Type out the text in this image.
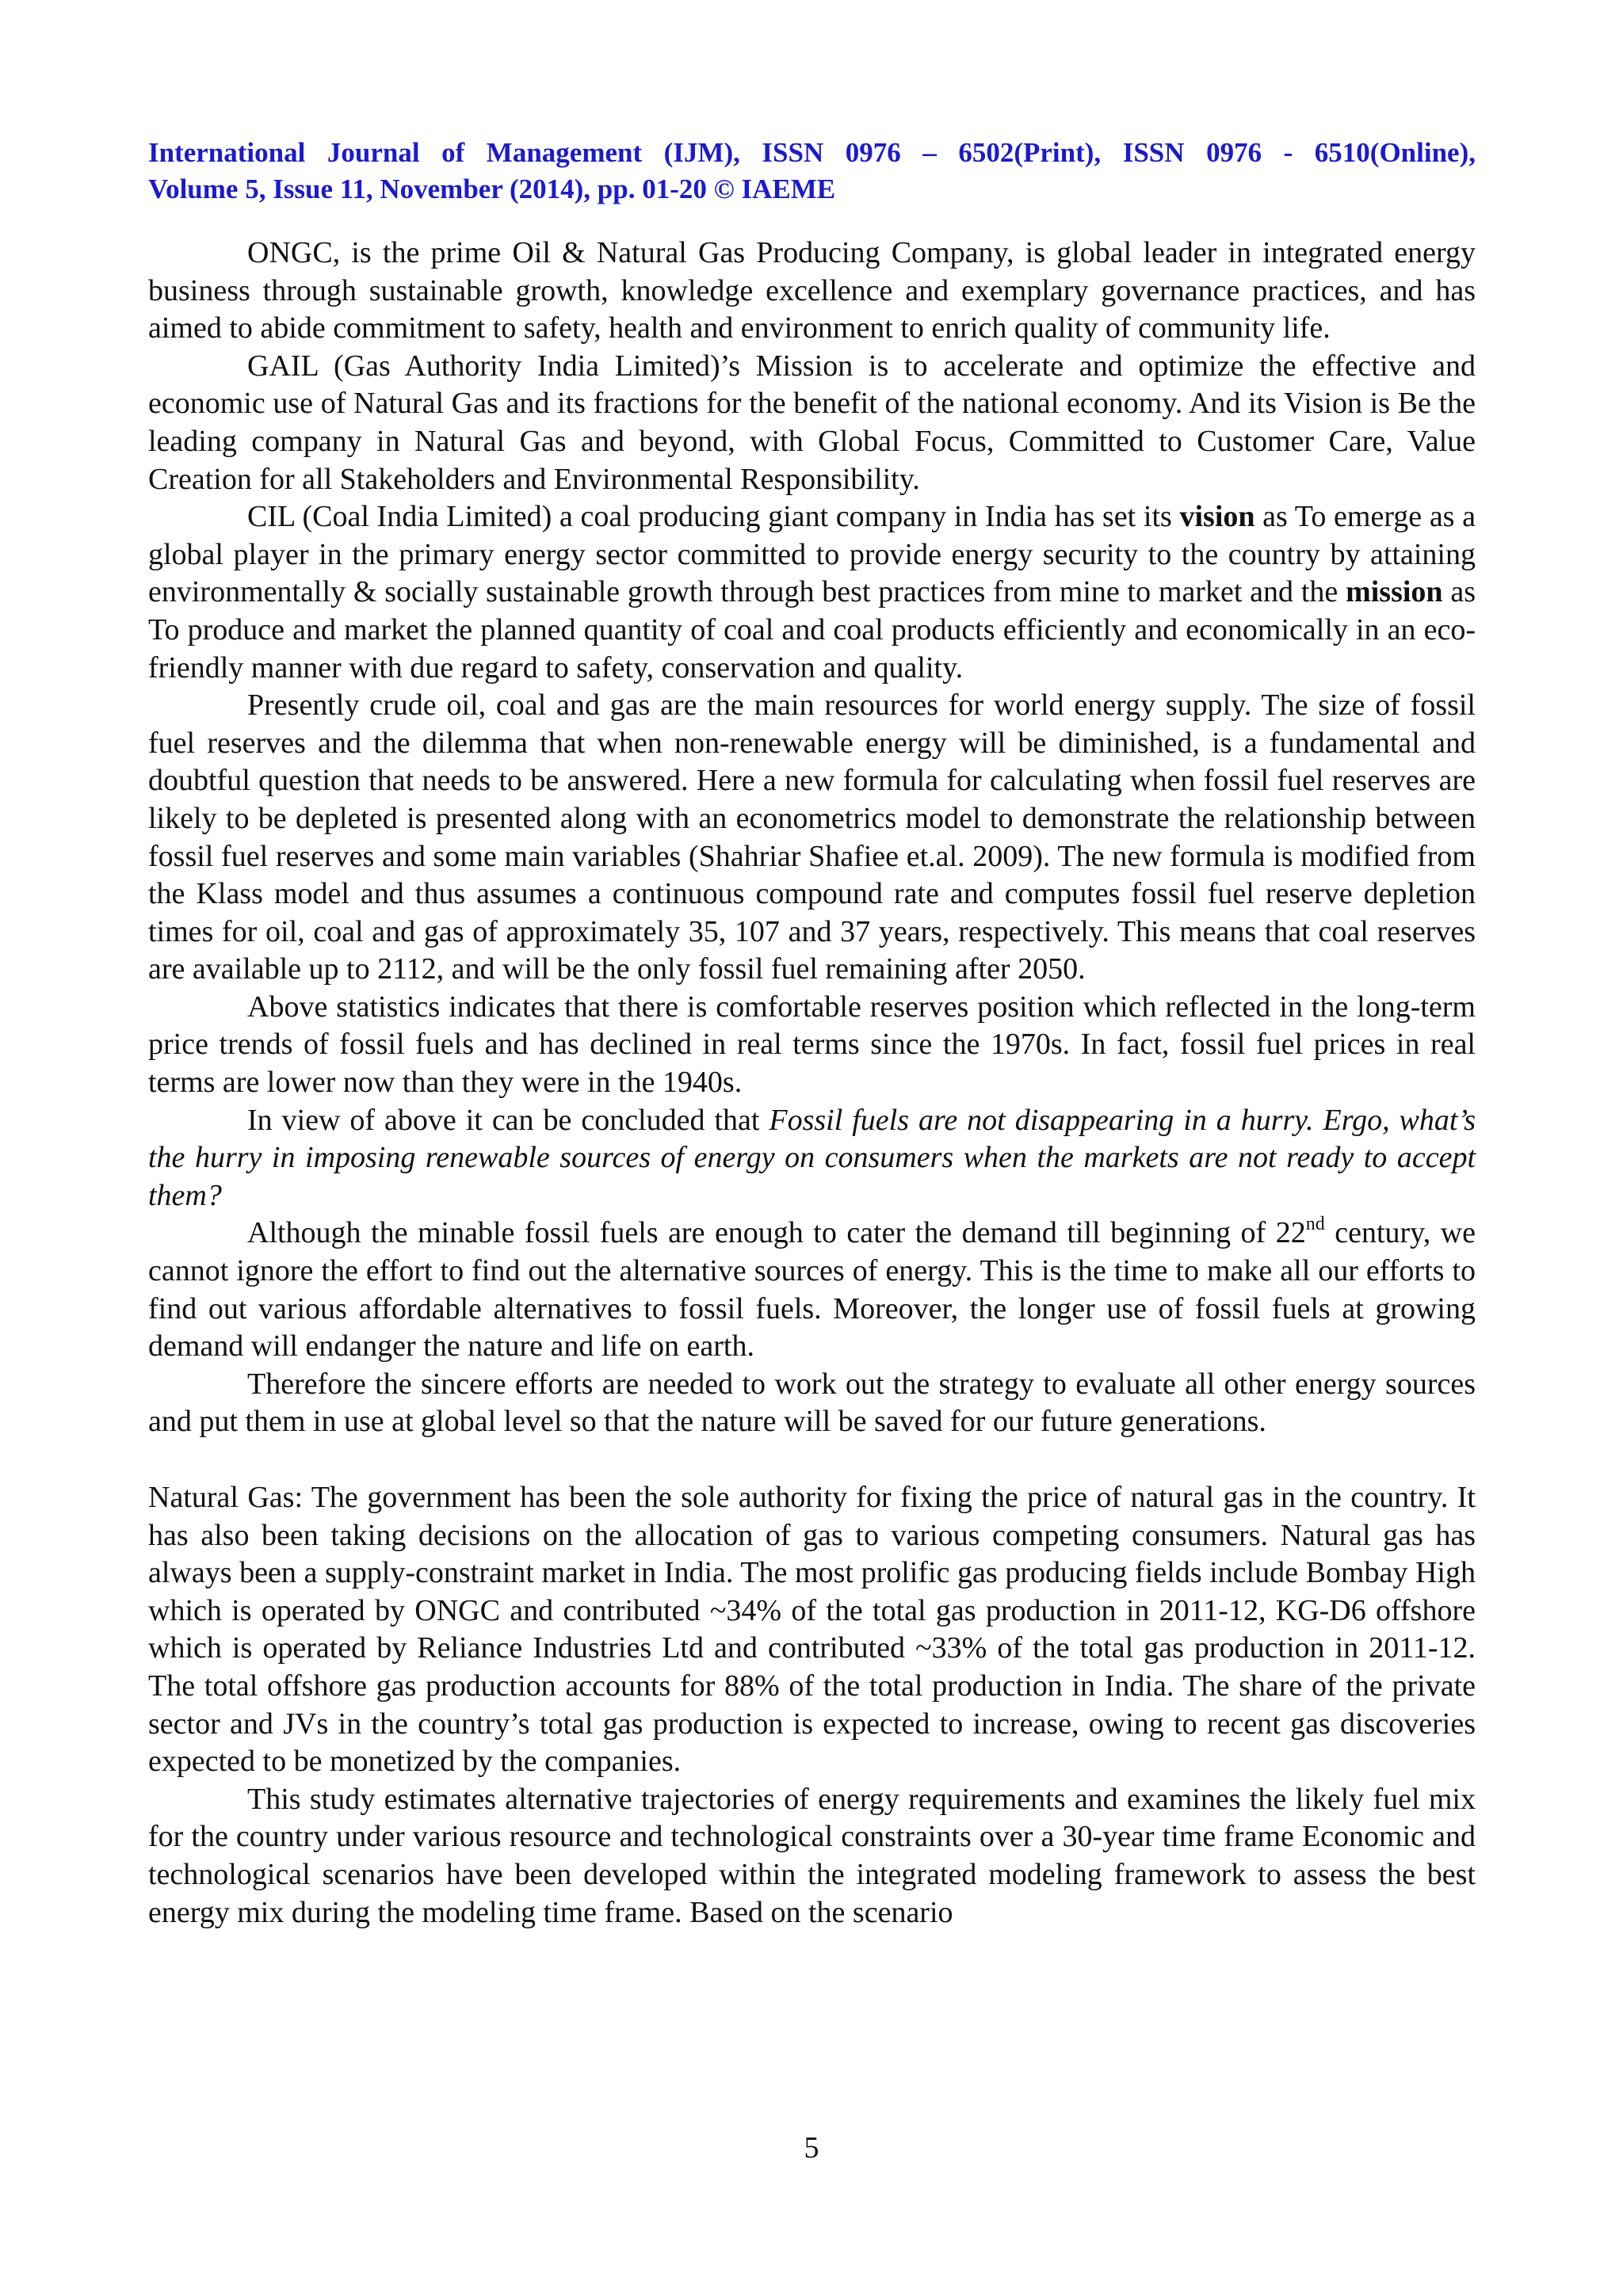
International Journal of Management (IJM), ISSN 0976 – 6502(Print), ISSN 0976 - 6510(Online),
Volume 5, Issue 11, November (2014), pp. 01-20 © IAEME

ONGC, is the prime Oil & Natural Gas Producing Company, is global leader in integrated energy business through sustainable growth, knowledge excellence and exemplary governance practices, and has aimed to abide commitment to safety, health and environment to enrich quality of community life.

GAIL (Gas Authority India Limited)’s Mission is to accelerate and optimize the effective and economic use of Natural Gas and its fractions for the benefit of the national economy. And its Vision is Be the leading company in Natural Gas and beyond, with Global Focus, Committed to Customer Care, Value Creation for all Stakeholders and Environmental Responsibility.

CIL (Coal India Limited) a coal producing giant company in India has set its vision as To emerge as a global player in the primary energy sector committed to provide energy security to the country by attaining environmentally & socially sustainable growth through best practices from mine to market and the mission as To produce and market the planned quantity of coal and coal products efficiently and economically in an eco-friendly manner with due regard to safety, conservation and quality.

Presently crude oil, coal and gas are the main resources for world energy supply. The size of fossil fuel reserves and the dilemma that when non-renewable energy will be diminished, is a fundamental and doubtful question that needs to be answered. Here a new formula for calculating when fossil fuel reserves are likely to be depleted is presented along with an econometrics model to demonstrate the relationship between fossil fuel reserves and some main variables (Shahriar Shafiee et.al. 2009). The new formula is modified from the Klass model and thus assumes a continuous compound rate and computes fossil fuel reserve depletion times for oil, coal and gas of approximately 35, 107 and 37 years, respectively. This means that coal reserves are available up to 2112, and will be the only fossil fuel remaining after 2050.

Above statistics indicates that there is comfortable reserves position which reflected in the long-term price trends of fossil fuels and has declined in real terms since the 1970s. In fact, fossil fuel prices in real terms are lower now than they were in the 1940s.

In view of above it can be concluded that Fossil fuels are not disappearing in a hurry. Ergo, what’s the hurry in imposing renewable sources of energy on consumers when the markets are not ready to accept them?

Although the minable fossil fuels are enough to cater the demand till beginning of 22nd century, we cannot ignore the effort to find out the alternative sources of energy. This is the time to make all our efforts to find out various affordable alternatives to fossil fuels. Moreover, the longer use of fossil fuels at growing demand will endanger the nature and life on earth.

Therefore the sincere efforts are needed to work out the strategy to evaluate all other energy sources and put them in use at global level so that the nature will be saved for our future generations.

Natural Gas: The government has been the sole authority for fixing the price of natural gas in the country. It has also been taking decisions on the allocation of gas to various competing consumers. Natural gas has always been a supply-constraint market in India. The most prolific gas producing fields include Bombay High which is operated by ONGC and contributed ~34% of the total gas production in 2011-12, KG-D6 offshore which is operated by Reliance Industries Ltd and contributed ~33% of the total gas production in 2011-12. The total offshore gas production accounts for 88% of the total production in India. The share of the private sector and JVs in the country’s total gas production is expected to increase, owing to recent gas discoveries expected to be monetized by the companies.

This study estimates alternative trajectories of energy requirements and examines the likely fuel mix for the country under various resource and technological constraints over a 30-year time frame Economic and technological scenarios have been developed within the integrated modeling framework to assess the best energy mix during the modeling time frame. Based on the scenario

5
